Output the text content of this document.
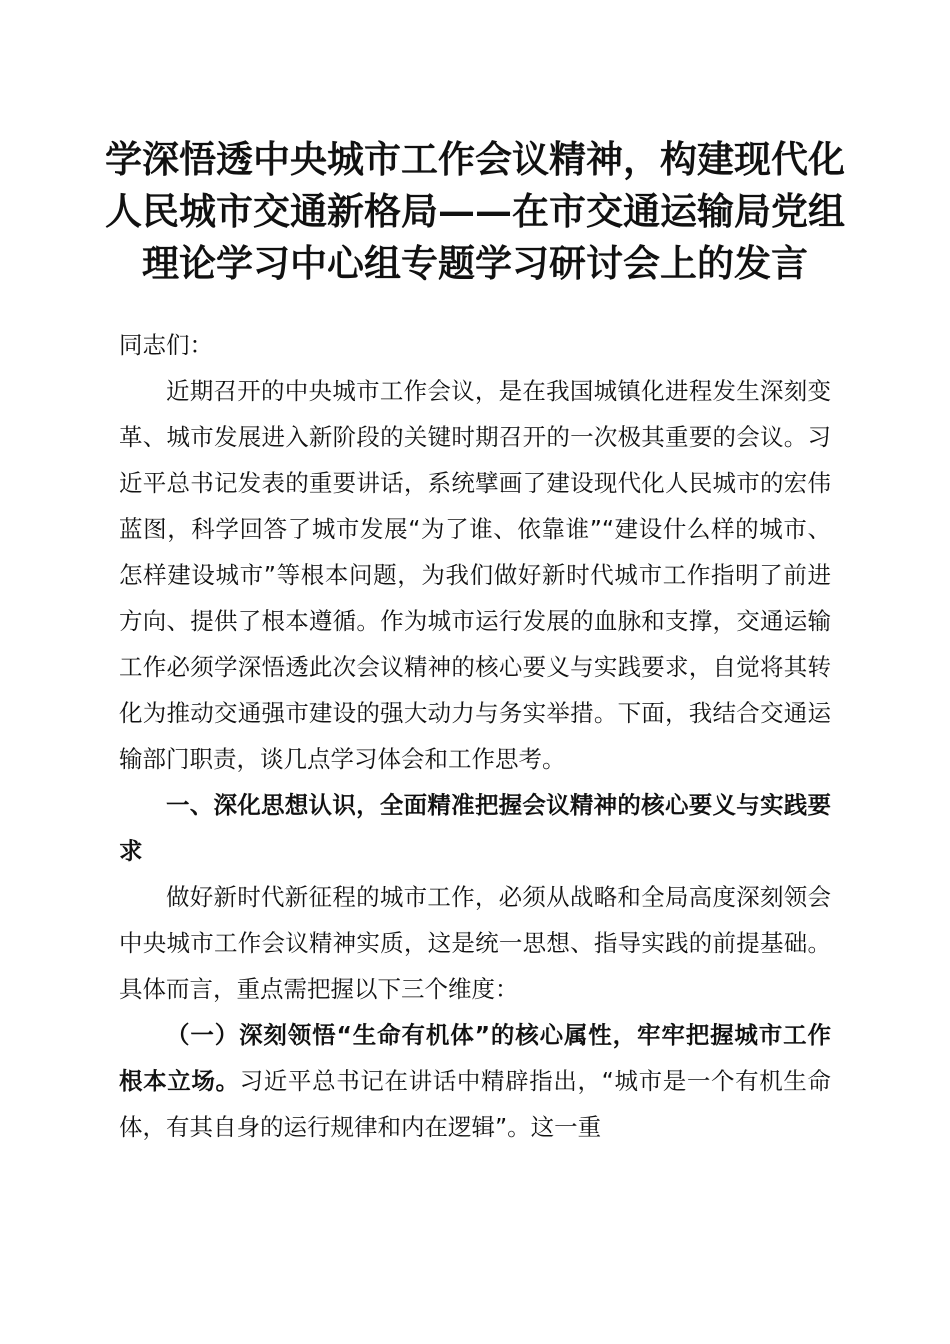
学深悟透中央城市工作会议精神，构建现代化人民城市交通新格局——在市交通运输局党组理论学习中心组专题学习研讨会上的发言

同志们：

近期召开的中央城市工作会议，是在我国城镇化进程发生深刻变革、城市发展进入新阶段的关键时期召开的一次极其重要的会议。习近平总书记发表的重要讲话，系统擘画了建设现代化人民城市的宏伟蓝图，科学回答了城市发展“为了谁、依靠谁”“建设什么样的城市、怎样建设城市”等根本问题，为我们做好新时代城市工作指明了前进方向、提供了根本遵循。作为城市运行发展的血脉和支撑，交通运输工作必须学深悟透此次会议精神的核心要义与实践要求，自觉将其转化为推动交通强市建设的强大动力与务实举措。下面，我结合交通运输部门职责，谈几点学习体会和工作思考。

一、深化思想认识，全面精准把握会议精神的核心要义与实践要求

做好新时代新征程的城市工作，必须从战略和全局高度深刻领会中央城市工作会议精神实质，这是统一思想、指导实践的前提基础。具体而言，重点需把握以下三个维度：

（一）深刻领悟“生命有机体”的核心属性，牢牢把握城市工作根本立场。习近平总书记在讲话中精辟指出，“城市是一个有机生命体，有其自身的运行规律和内在逻辑”。这一重
